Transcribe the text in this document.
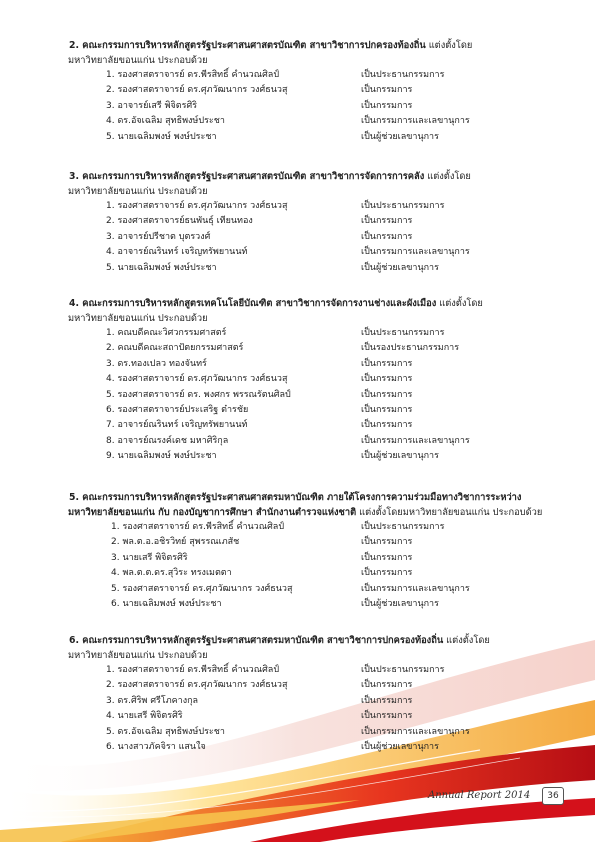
2. คณะกรรมการบริหารหลักสูตรรัฐประศาสนศาสตรบัณฑิต สาขาวิชาการปกครองท้องถิ่น แต่งตั้งโดย
มหาวิทยาลัยขอนแก่น ประกอบด้วย
1. รองศาสตราจารย์ ดร.พีรสิทธิ์ คำนวณศิลป์	เป็นประธานกรรมการ
2. รองศาสตราจารย์ ดร.ศุภวัฒนากร วงศ์ธนวสุ	เป็นกรรมการ
3. อาจารย์เสรี พิจิตรศิริ	เป็นกรรมการ
4. ดร.อัจเฉลิม สุทธิพงษ์ประชา	เป็นกรรมการและเลขานุการ
5. นายเฉลิมพงษ์ พงษ์ประชา	เป็นผู้ช่วยเลขานุการ
3. คณะกรรมการบริหารหลักสูตรรัฐประศาสนศาสตรบัณฑิต สาขาวิชาการจัดการการคลัง แต่งตั้งโดย
มหาวิทยาลัยขอนแก่น ประกอบด้วย
1. รองศาสตราจารย์ ดร.ศุภวัฒนากร วงศ์ธนวสุ	เป็นประธานกรรมการ
2. รองศาสตราจารย์ธนพันธุ์ เทียนทอง	เป็นกรรมการ
3. อาจารย์ปรีชาต บุตรวงศ์	เป็นกรรมการ
4. อาจารย์ณรินทร์ เจริญทรัพยานนท์	เป็นกรรมการและเลขานุการ
5. นายเฉลิมพงษ์ พงษ์ประชา	เป็นผู้ช่วยเลขานุการ
4. คณะกรรมการบริหารหลักสูตรเทคโนโลยีบัณฑิต สาขาวิชาการจัดการงานช่างและผังเมือง แต่งตั้งโดย
มหาวิทยาลัยขอนแก่น ประกอบด้วย
1. คณบดีคณะวิศวกรรมศาสตร์	เป็นประธานกรรมการ
2. คณบดีคณะสถาปัตยกรรมศาสตร์	เป็นรองประธานกรรมการ
3. ดร.ทองเปลว ทองจันทร์	เป็นกรรมการ
4. รองศาสตราจารย์ ดร.ศุภวัฒนากร วงศ์ธนวสุ	เป็นกรรมการ
5. รองศาสตราจารย์ ดร. พงศกร พรรณรัตนศิลป์	เป็นกรรมการ
6. รองศาสตราจารย์ประเสริฐ ต๋ารชัย	เป็นกรรมการ
7. อาจารย์ณรินทร์ เจริญทรัพยานนท์	เป็นกรรมการ
8. อาจารย์ณรงค์เดช มหาศิริกุล	เป็นกรรมการและเลขานุการ
9. นายเฉลิมพงษ์ พงษ์ประชา	เป็นผู้ช่วยเลขานุการ
5. คณะกรรมการบริหารหลักสูตรรัฐประศาสนศาสตรมหาบัณฑิต ภายใต้โครงการความร่วมมือทางวิชาการระหว่าง
มหาวิทยาลัยขอนแก่น กับ กองบัญชาการศึกษา สำนักงานตำรวจแห่งชาติ แต่งตั้งโดยมหาวิทยาลัยขอนแก่น ประกอบด้วย
1. รองศาสตราจารย์ ดร.พีรสิทธิ์ คำนวณศิลป์	เป็นประธานกรรมการ
2. พล.ต.อ.อชิรวิทย์ สุพรรณเภสัช	เป็นกรรมการ
3. นายเสรี พิจิตรศิริ	เป็นกรรมการ
4. พล.ต.ต.ดร.สุวิระ ทรงเมตตา	เป็นกรรมการ
5. รองศาสตราจารย์ ดร.ศุภวัฒนากร วงศ์ธนวสุ	เป็นกรรมการและเลขานุการ
6. นายเฉลิมพงษ์ พงษ์ประชา	เป็นผู้ช่วยเลขานุการ
6. คณะกรรมการบริหารหลักสูตรรัฐประศาสนศาสตรมหาบัณฑิต สาขาวิชาการปกครองท้องถิ่น แต่งตั้งโดย
มหาวิทยาลัยขอนแก่น ประกอบด้วย
1. รองศาสตราจารย์ ดร.พีรสิทธิ์ คำนวณศิลป์	เป็นประธานกรรมการ
2. รองศาสตราจารย์ ดร.ศุภวัฒนากร วงศ์ธนวสุ	เป็นกรรมการ
3. ดร.ศิริพ ศรีโภคางกุล	เป็นกรรมการ
4. นายเสรี พิจิตรศิริ	เป็นกรรมการ
5. ดร.อัจเฉลิม สุทธิพงษ์ประชา	เป็นกรรมการและเลขานุการ
6. นางสาวภัคจิรา แสนใจ	เป็นผู้ช่วยเลขานุการ
Annual Report 2014	36
